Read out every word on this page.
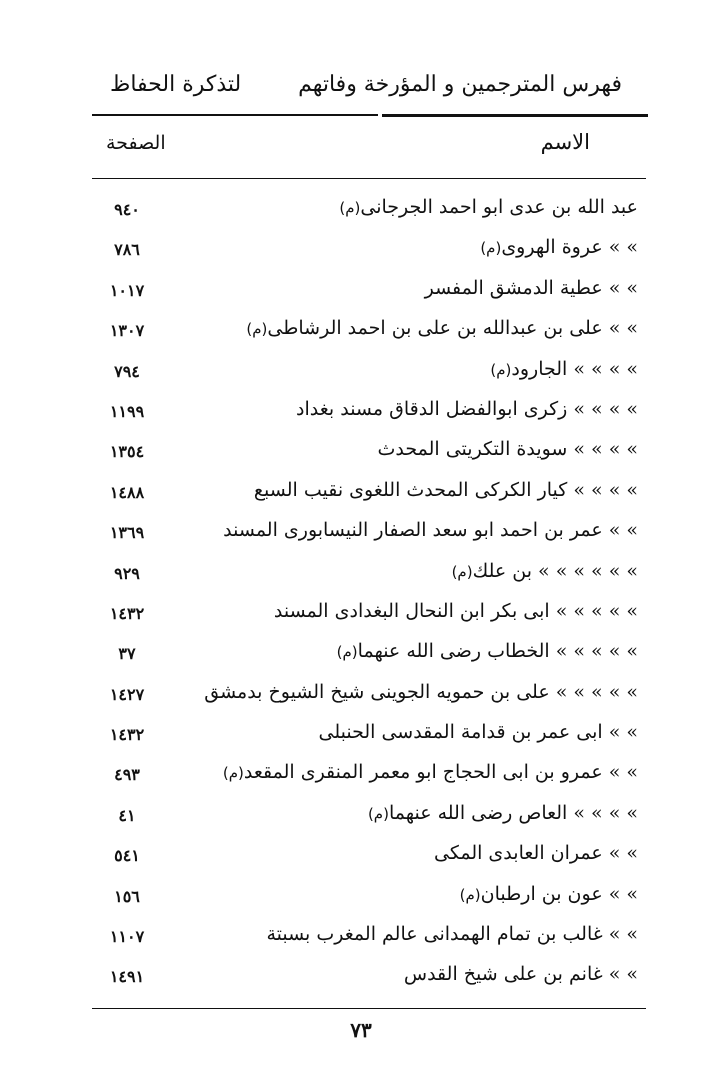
فهرس المترجمين و المؤرخة وفاتهم
لتذكرة الحفاظ
الاسم
الصفحة
عبد الله بن عدى ابو احمد الجرجانى(م)
٩٤٠
» » عروة الهروى(م)
٧٨٦
» » عطية الدمشق المفسر
١٠١٧
» » على بن عبدالله بن على بن احمد الرشاطى(م)
١٣٠٧
» » » » الجارود(م)
٧٩٤
» » » » زكرى ابوالفضل الدقاق مسند بغداد
١١٩٩
» » » » سويدة التكريتى المحدث
١٣٥٤
» » » » كيار الكركى المحدث اللغوى نقيب السبع
١٤٨٨
» » عمر بن احمد ابو سعد الصفار النيسابورى المسند
١٣٦٩
» » » » » » بن علك(م)
٩٢٩
» » » » » ابى بكر ابن النحال البغدادى المسند
١٤٣٢
» » » » » الخطاب رضى الله عنهما(م)
٣٧
» » » » » على بن حمويه الجوينى شيخ الشيوخ بدمشق
١٤٢٧
» » ابى عمر بن قدامة المقدسى الحنبلى
١٤٣٢
» » عمرو بن ابى الحجاج ابو معمر المنقرى المقعد(م)
٤٩٣
» » » » العاص رضى الله عنهما(م)
٤١
» » عمران العابدى المكى
٥٤١
» » عون بن ارطبان(م)
١٥٦
» » غالب بن تمام الهمدانى عالم المغرب بسبتة
١١٠٧
» » غانم بن على شيخ القدس
١٤٩١
٧٣
